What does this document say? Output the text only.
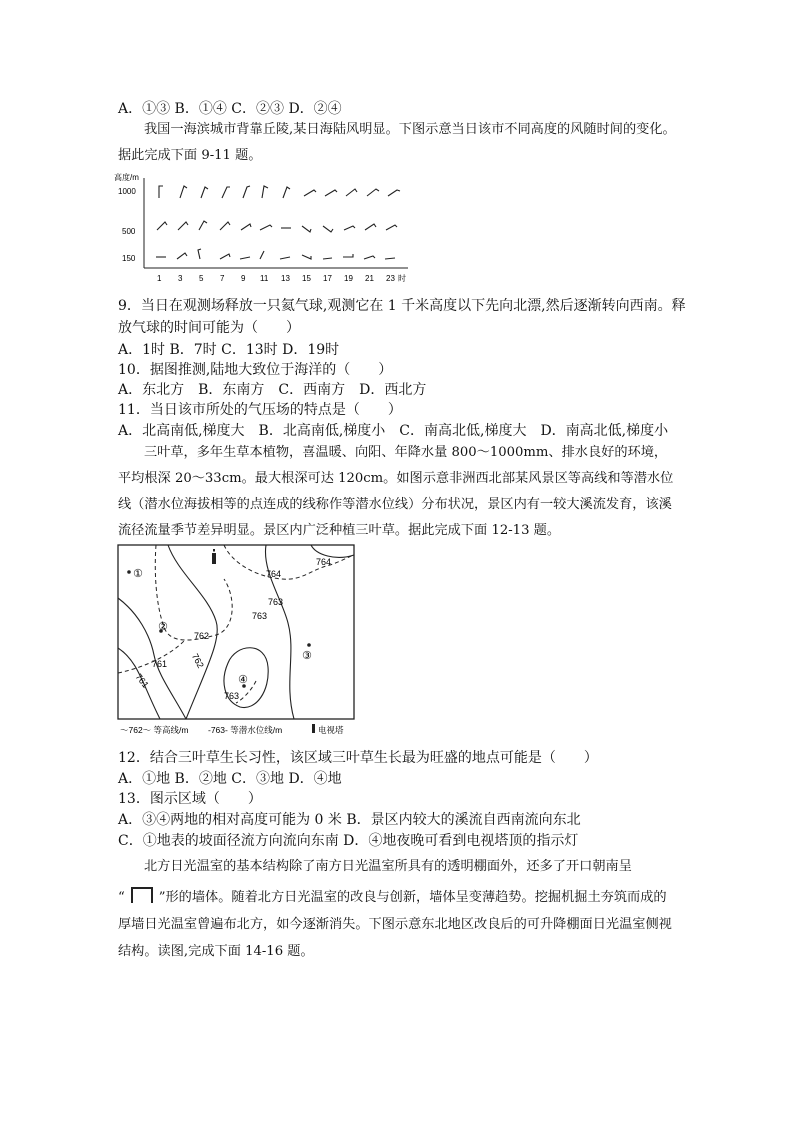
A．①③ B．①④ C．②③ D．②④
我国一海滨城市背靠丘陵,某日海陆风明显。下图示意当日该市不同高度的风随时间的变化。据此完成下面 9-11 题。
高度/m
1000
500
150
1 3 5 7 9 11 13 15 17 19 21 23 时
9．当日在观测场释放一只氦气球,观测它在 1 千米高度以下先向北漂,然后逐渐转向西南。释
放气球的时间可能为（　　）
A．1时 B．7时 C．13时 D．19时
10．据图推测,陆地大致位于海洋的（　　）
A．东北方　B．东南方　C．西南方　D．西北方
11．当日该市所处的气压场的特点是（　　）
A．北高南低,梯度大　B．北高南低,梯度小　C．南高北低,梯度大　D．南高北低,梯度小
三叶草，多年生草本植物，喜温暖、向阳、年降水量 800～1000mm、排水良好的环境，平均根深 20～33cm。最大根深可达 120cm。如图示意非洲西北部某风景区等高线和等潜水位线（潜水位海拔相等的点连成的线称作等潜水位线）分布状况，景区内有一较大溪流发育，该溪流径流量季节差异明显。景区内广泛种植三叶草。据此完成下面 12-13 题。
764
764
763
763
762
762
761
761
763
①
②
③
④
～762～ 等高线/m -763- 等潜水位线/m	电视塔
12．结合三叶草生长习性，该区域三叶草生长最为旺盛的地点可能是（　　）
A．①地 B．②地 C．③地 D．④地
13．图示区域（　　）
A．③④两地的相对高度可能为 0 米 B．景区内较大的溪流自西南流向东北
C．①地表的坡面径流方向流向东南 D．④地夜晚可看到电视塔顶的指示灯
北方日光温室的基本结构除了南方日光温室所具有的透明棚面外，还多了开口朝南呈
“	”形的墙体。随着北方日光温室的改良与创新，墙体呈变薄趋势。挖掘机掘土夯筑而成的厚墙日光温室曾遍布北方，如今逐渐消失。下图示意东北地区改良后的可升降棚面日光温室侧视结构。读图,完成下面 14-16 题。
